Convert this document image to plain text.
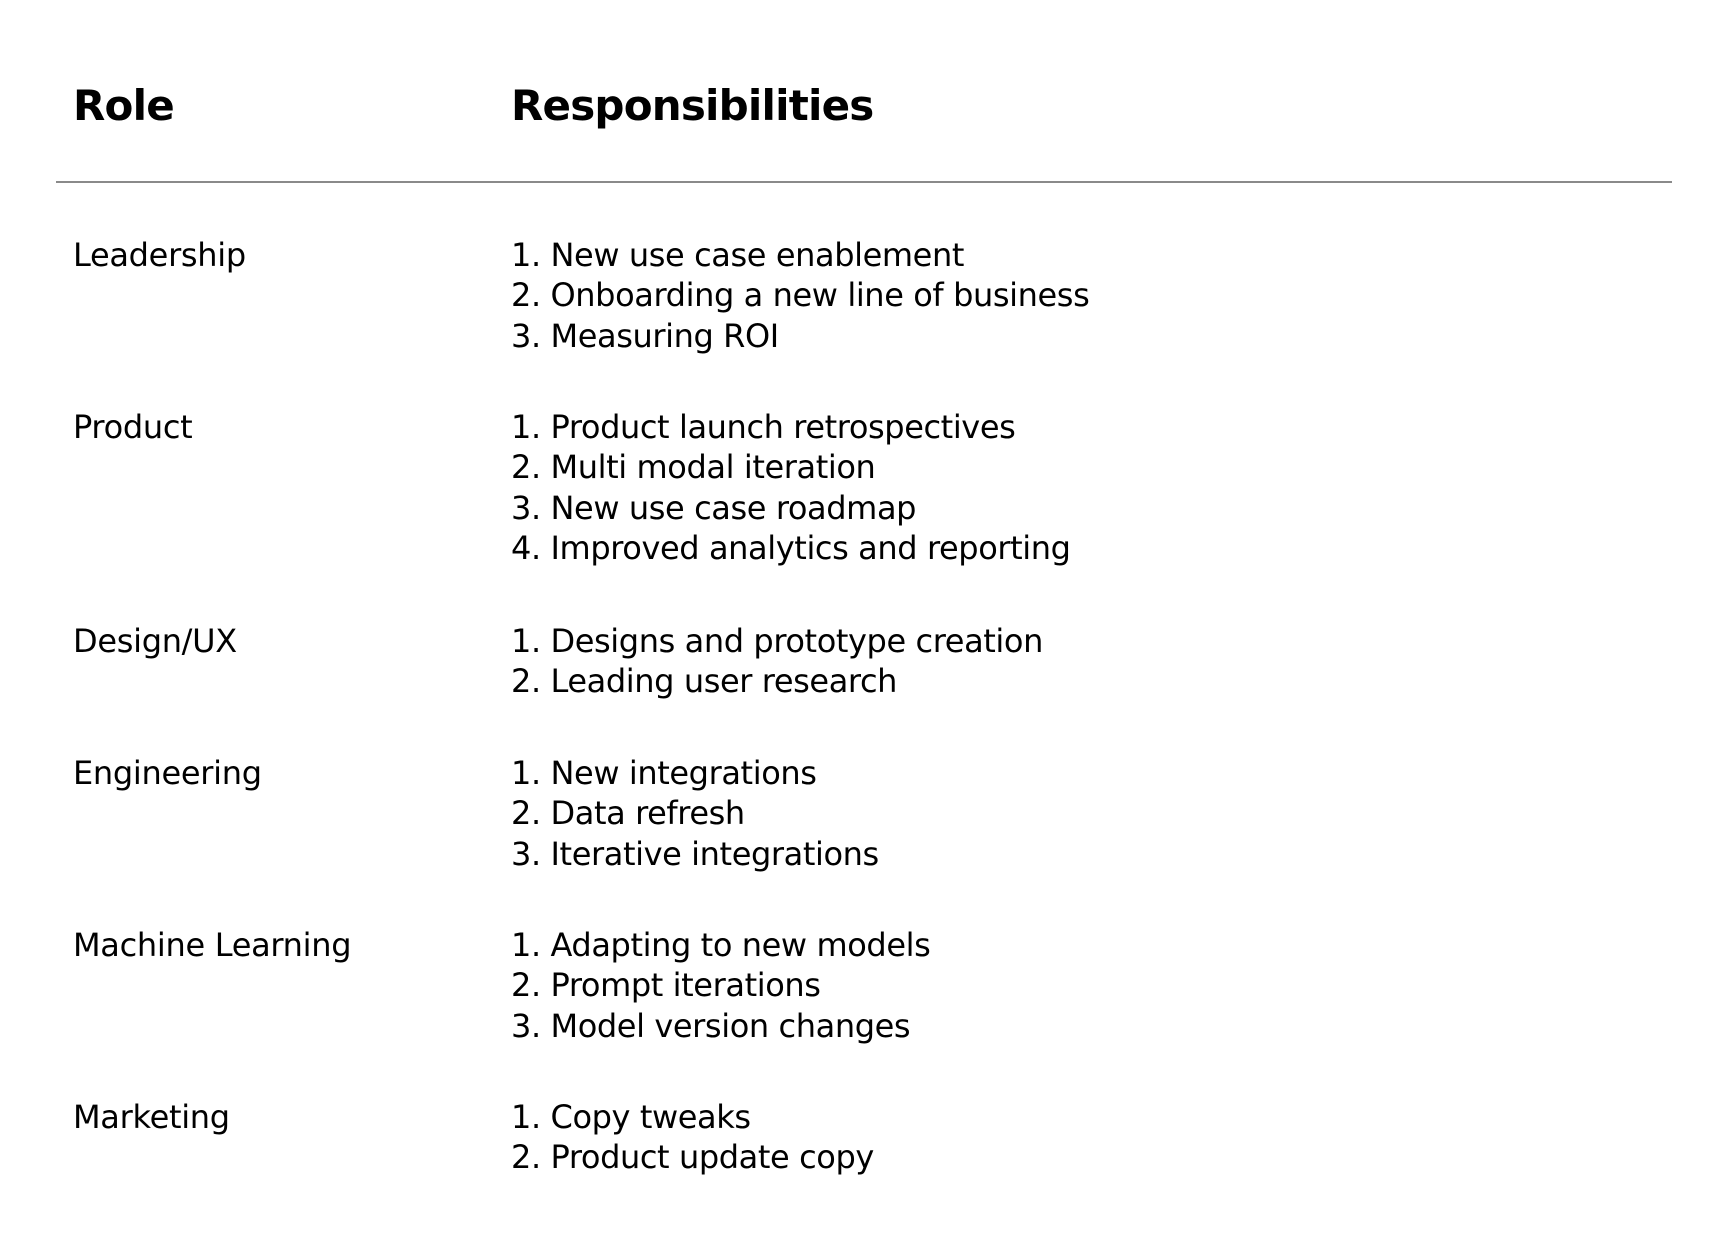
Role	Responsibilities
Leadership	1. New use case enablement
2. Onboarding a new line of business
3. Measuring ROI
Product	1. Product launch retrospectives
2. Multi modal iteration
3. New use case roadmap
4. Improved analytics and reporting
Design/UX	1. Designs and prototype creation
2. Leading user research
Engineering	1. New integrations
2. Data refresh
3. Iterative integrations
Machine Learning	1. Adapting to new models
2. Prompt iterations
3. Model version changes
Marketing	1. Copy tweaks
2. Product update copy
